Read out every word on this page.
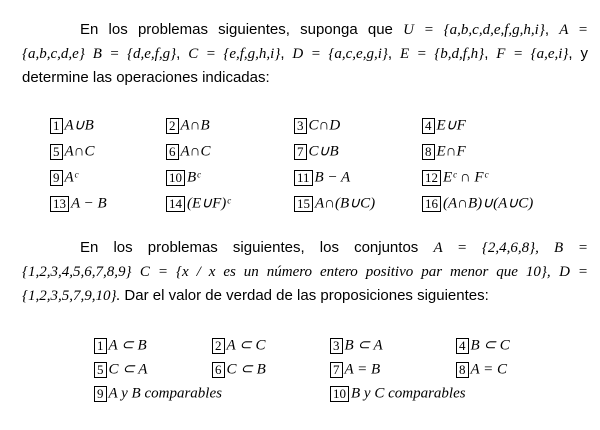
En los problemas siguientes, suponga que U = {a,b,c,d,e,f,g,h,i}, A = {a,b,c,d,e} B = {d,e,f,g}, C = {e,f,g,h,i}, D = {a,c,e,g,i}, E = {b,d,f,h}, F = {a,e,i}, y determine las operaciones indicadas:
1 A∪B	2 A∩B	3 C∩D	4 E∪F
5 A∩C	6 A∩C	7 C∪B	8 E∩F
9 Aᶜ	10 Bᶜ	11 B − A	12 Eᶜ ∩ Fᶜ
13 A − B	14 (E∪F)ᶜ	15 A∩(B∪C)	16 (A∩B)∪(A∪C)
En los problemas siguientes, los conjuntos A = {2,4,6,8}, B = {1,2,3,4,5,6,7,8,9} C = {x / x es un número entero positivo par menor que 10}, D = {1,2,3,5,7,9,10}. Dar el valor de verdad de las proposiciones siguientes:
1 A ⊂ B	2 A ⊂ C	3 B ⊂ A	4 B ⊂ C
5 C ⊂ A	6 C ⊂ B	7 A = B	8 A = C
9 A y B comparables	10 B y C comparables
